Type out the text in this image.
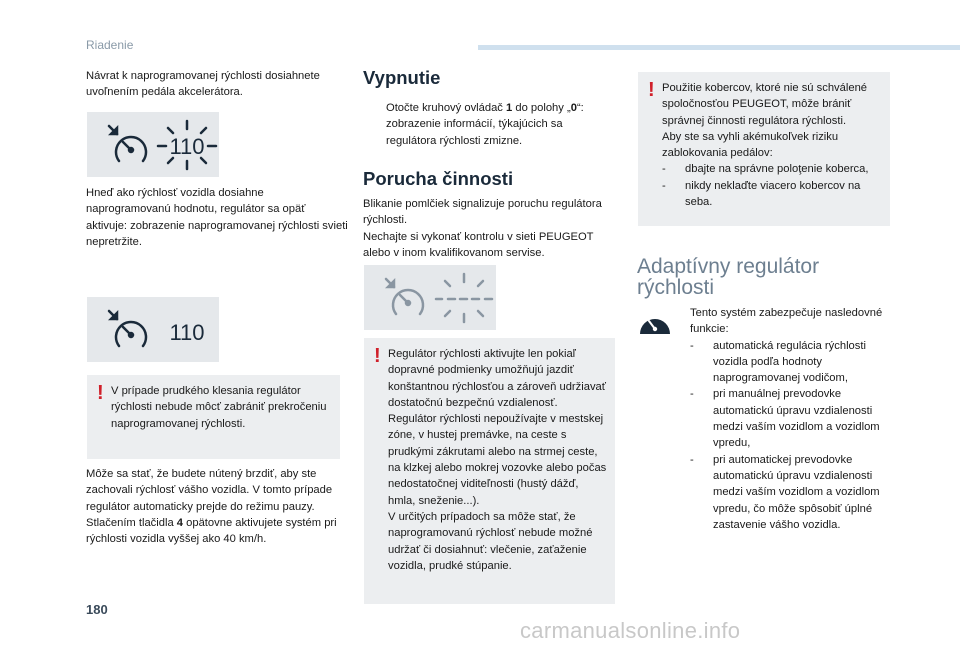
Riadenie
Návrat k naprogramovanej rýchlosti dosiahnete uvoľnením pedála akcelerátora.
110
Hneď ako rýchlosť vozidla dosiahne naprogramovanú hodnotu, regulátor sa opäť aktivuje: zobrazenie naprogramovanej rýchlosti svieti nepretržite.
110
! V prípade prudkého klesania regulátor rýchlosti nebude môcť zabrániť prekročeniu naprogramovanej rýchlosti.

Môže sa stať, že budete nútený brzdiť, aby ste zachovali rýchlosť vášho vozidla. V tomto prípade regulátor automaticky prejde do režimu pauzy.

Stlačením tlačidla 4 opätovne aktivujete systém pri rýchlosti vozidla vyššej ako 40 km/h.

Vypnutie
Otočte kruhový ovládač 1 do polohy „0“: zobrazenie informácií, týkajúcich sa regulátora rýchlosti zmizne.
Porucha činnosti

Blikanie pomlčiek signalizuje poruchu regulátora rýchlosti.

Nechajte si vykonať kontrolu v sieti PEUGEOT alebo v inom kvalifikovanom servise.

! Regulátor rýchlosti aktivujte len pokiaľ dopravné podmienky umožňujú jazdiť konštantnou rýchlosťou a zároveň udržiavať dostatočnú bezpečnú vzdialenosť.

Regulátor rýchlosti nepoužívajte v mestskej zóne, v hustej premávke, na ceste s prudkými zákrutami alebo na strmej ceste, na klzkej alebo mokrej vozovke alebo počas nedostatočnej viditeľnosti (hustý dážď, hmla, sneženie...).

V určitých prípadoch sa môže stať, že naprogramovanú rýchlosť nebude možné udržať či dosiahnuť: vlečenie, zaťaženie vozidla, prudké stúpanie.

! Použitie kobercov, ktoré nie sú schválené spoločnosťou PEUGEOT, môže brániť správnej činnosti regulátora rýchlosti.

Aby ste sa vyhli akémukoľvek riziku zablokovania pedálov:

- dbajte na správne poloţenie koberca,
- nikdy neklaďte viacero kobercov na seba.
Adaptívny regulátor
rýchlosti

Tento systém zabezpečuje nasledovné funkcie:

- automatická regulácia rýchlosti vozidla podľa hodnoty naprogramovanej vodičom,
- pri manuálnej prevodovke automatickú úpravu vzdialenosti medzi vaším vozidlom a vozidlom vpredu,
- pri automatickej prevodovke automatickú úpravu vzdialenosti medzi vaším vozidlom a vozidlom vpredu, čo môže spôsobiť úplné zastavenie vášho vozidla.
180
carmanualsonline.info
